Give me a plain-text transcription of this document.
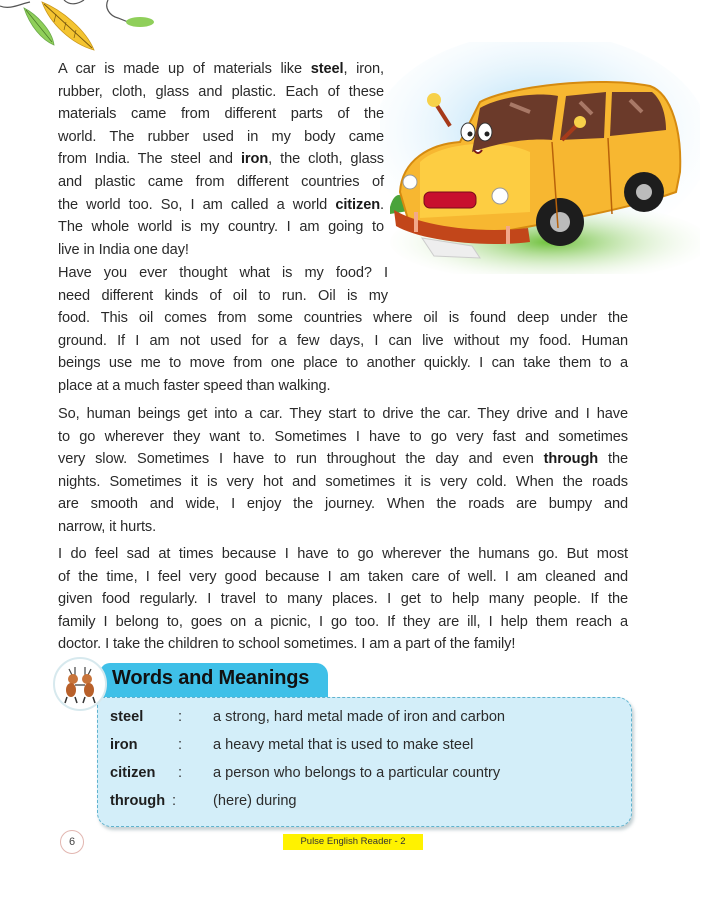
A car is made up of materials like steel, iron,
rubber, cloth, glass and plastic. Each of these
materials came from different parts of the
world. The rubber used in my body came
from India. The steel and iron, the cloth, glass
and plastic came from different countries of
the world too. So, I am called a world citizen.
The whole world is my country. I am going to
live in India one day!
Have you ever thought what is my food? I
need different kinds of oil to run. Oil is my
food. This oil comes from some countries where oil is found deep under the
ground. If I am not used for a few days, I can live without my food. Human
beings use me to move from one place to another quickly. I can take them to a
place at a much faster speed than walking.
So, human beings get into a car. They start to drive the car. They drive and I have
to go wherever they want to. Sometimes I have to go very fast and sometimes
very slow. Sometimes I have to run throughout the day and even through the
nights. Sometimes it is very hot and sometimes it is very cold. When the roads
are smooth and wide, I enjoy the journey. When the roads are bumpy and
narrow, it hurts.
I do feel sad at times because I have to go wherever the humans go. But most
of the time, I feel very good because I am taken care of well. I am cleaned and
given food regularly. I travel to many places. I get to help many people. If the
family I belong to, goes on a picnic, I go too. If they are ill, I help them reach a
doctor. I take the children to school sometimes. I am a part of the family!
steel : a strong, hard metal made of iron and carbon
iron	: a heavy metal that is used to make steel
citizen : a person who belongs to a particular country
through :	(here) during
Words and Meanings
6	Pulse English Reader - 2
